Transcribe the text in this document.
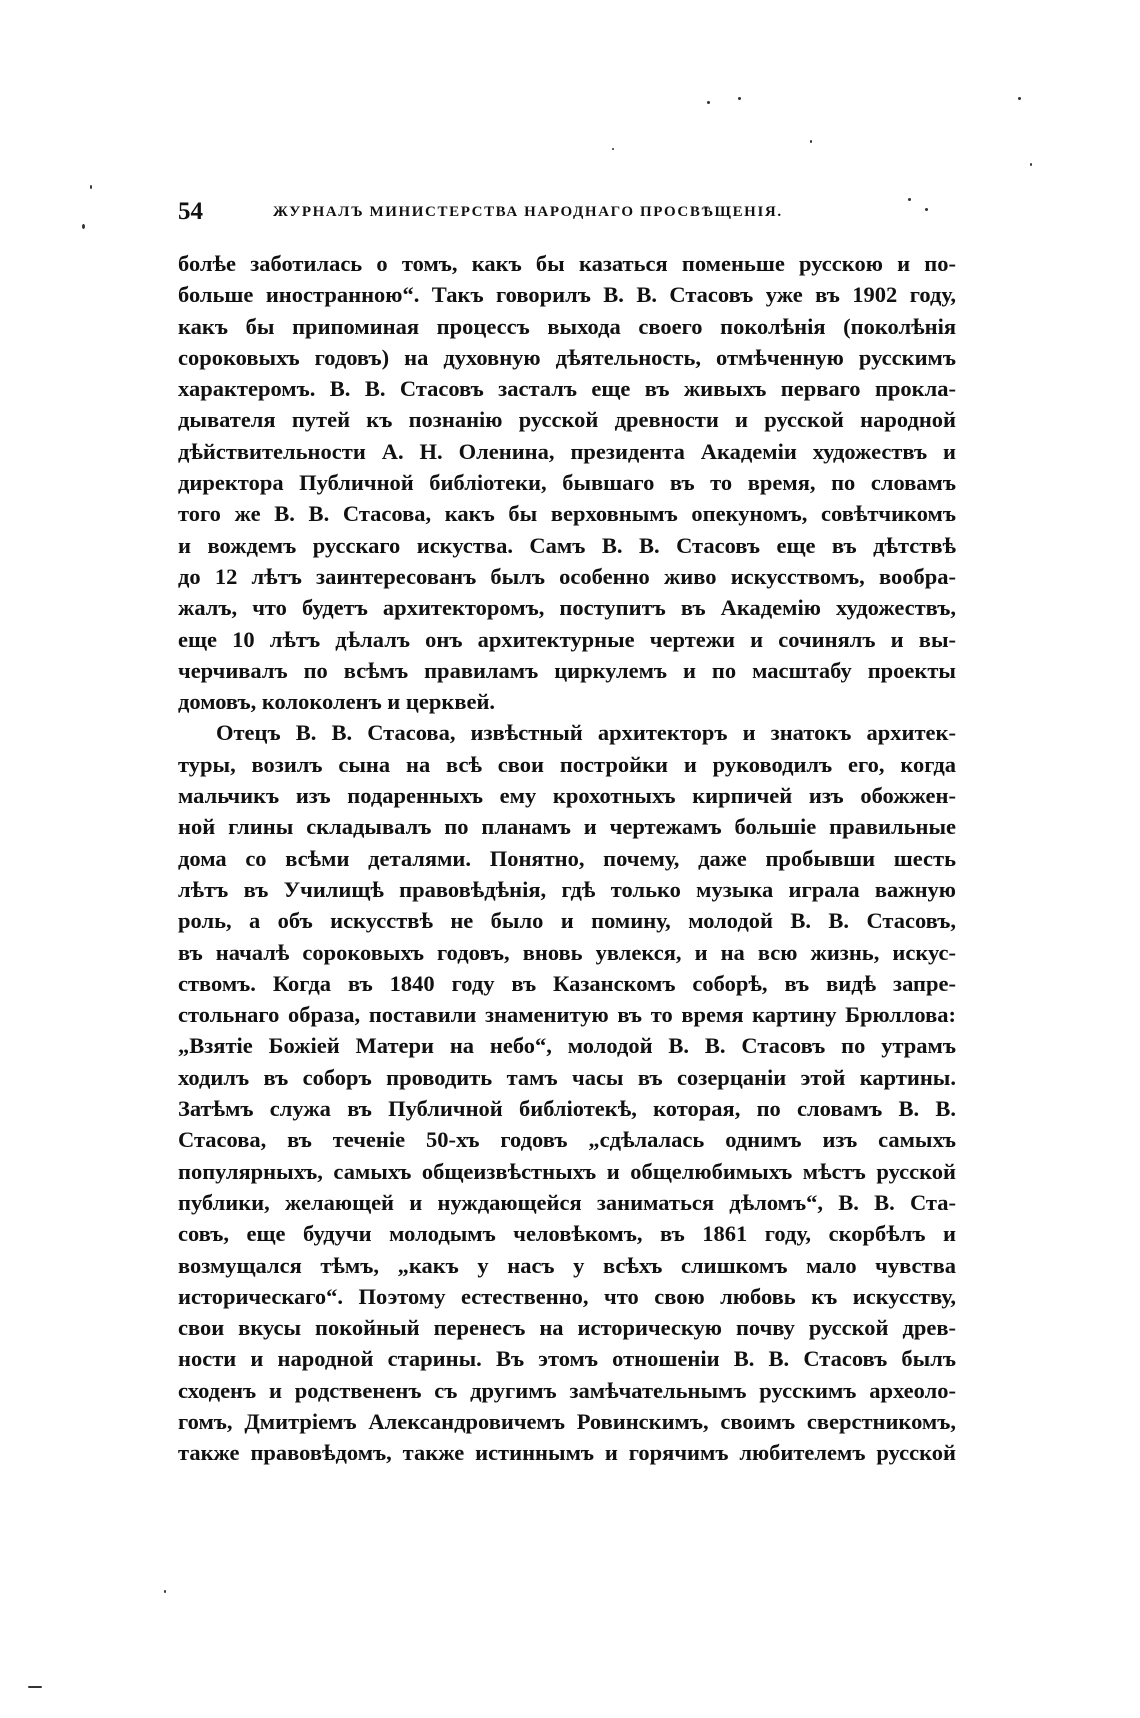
54	ЖУРНАЛЪ МИНИСТЕРСТВА НАРОДНАГО ПРОСВѢЩЕНІЯ.
болѣе заботилась о томъ, какъ бы казаться поменьше русскою и по-
больше иностранною“. Такъ говорилъ В. В. Стасовъ уже въ 1902 году,
какъ бы припоминая процессъ выхода своего поколѣнія (поколѣнія
сороковыхъ годовъ) на духовную дѣятельность, отмѣченную русскимъ
характеромъ. В. В. Стасовъ засталъ еще въ живыхъ перваго прокла-
дывателя путей къ познанію русской древности и русской народной
дѣйствительности А. Н. Оленина, президента Академіи художествъ и
директора Публичной библіотеки, бывшаго въ то время, по словамъ
того же В. В. Стасова, какъ бы верховнымъ опекуномъ, совѣтчикомъ
и вождемъ русскаго искуства. Самъ В. В. Стасовъ еще въ дѣтствѣ
до 12 лѣтъ заинтересованъ былъ особенно живо искусствомъ, вообра-
жалъ, что будетъ архитекторомъ, поступитъ въ Академію художествъ,
еще 10 лѣтъ дѣлалъ онъ архитектурные чертежи и сочинялъ и вы-
черчивалъ по всѣмъ правиламъ циркулемъ и по масштабу проекты
домовъ, колоколенъ и церквей.
Отецъ В. В. Стасова, извѣстный архитекторъ и знатокъ архитек-
туры, возилъ сына на всѣ свои постройки и руководилъ его, когда
мальчикъ изъ подаренныхъ ему крохотныхъ кирпичей изъ обожжен-
ной глины складывалъ по планамъ и чертежамъ большіе правильные
дома со всѣми деталями. Понятно, почему, даже пробывши шесть
лѣтъ въ Училищѣ правовѣдѣнія, гдѣ только музыка играла важную
роль, а объ искусствѣ не было и помину, молодой В. В. Стасовъ,
въ началѣ сороковыхъ годовъ, вновь увлекся, и на всю жизнь, искус-
ствомъ. Когда въ 1840 году въ Казанскомъ соборѣ, въ видѣ запре-
стольнаго образа, поставили знаменитую въ то время картину Брюллова:
„Взятіе Божіей Матери на небо“, молодой В. В. Стасовъ по утрамъ
ходилъ въ соборъ проводить тамъ часы въ созерцаніи этой картины.
Затѣмъ служа въ Публичной библіотекѣ, которая, по словамъ В. В.
Стасова, въ теченіе 50-хъ годовъ „сдѣлалась однимъ изъ самыхъ
популярныхъ, самыхъ общеизвѣстныхъ и общелюбимыхъ мѣстъ русской
публики, желающей и нуждающейся заниматься дѣломъ“, В. В. Ста-
совъ, еще будучи молодымъ человѣкомъ, въ 1861 году, скорбѣлъ и
возмущался тѣмъ, „какъ у насъ у всѣхъ слишкомъ мало чувства
историческаго“. Поэтому естественно, что свою любовь къ искусству,
свои вкусы покойный перенесъ на историческую почву русской древ-
ности и народной старины. Въ этомъ отношеніи В. В. Стасовъ былъ
сходенъ и родствененъ съ другимъ замѣчательнымъ русскимъ археоло-
гомъ, Дмитріемъ Александровичемъ Ровинскимъ, своимъ сверстникомъ,
также правовѣдомъ, также истиннымъ и горячимъ любителемъ русской
